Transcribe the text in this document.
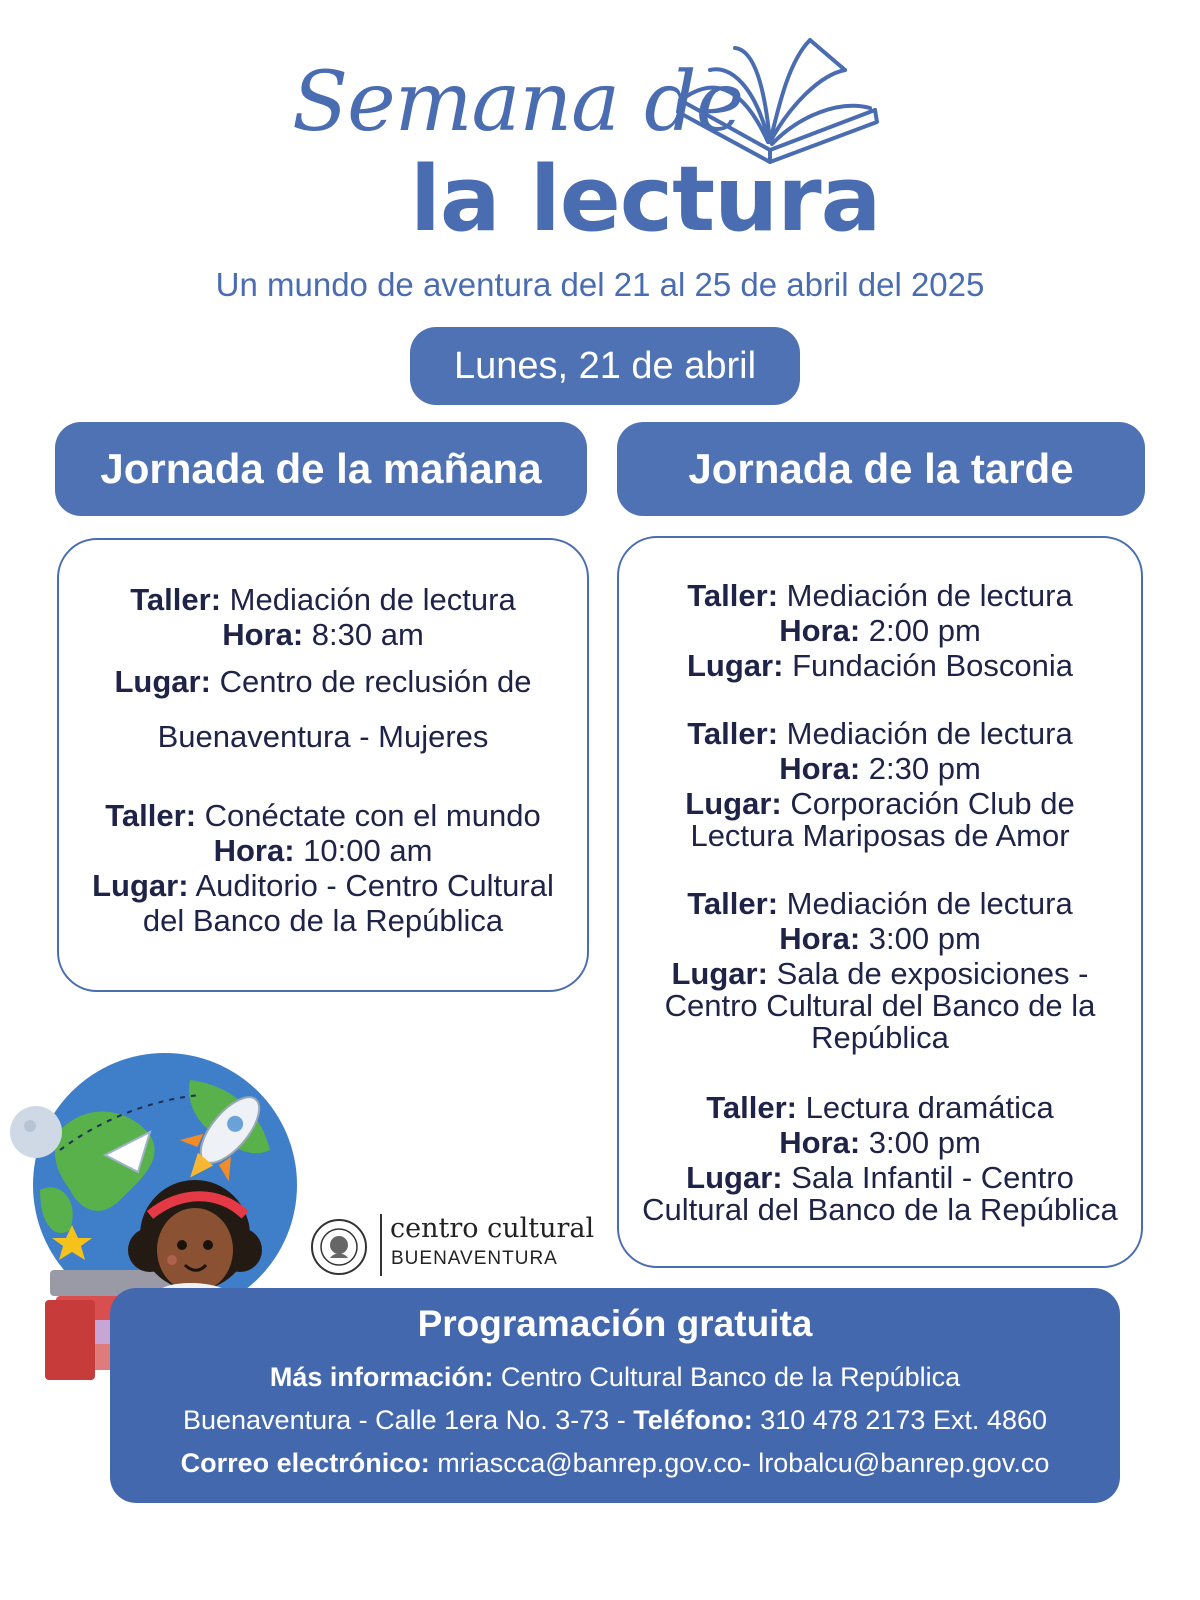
Semana de
la lectura
Un mundo de aventura del 21 al 25 de abril del 2025
Lunes, 21 de abril
Jornada de la mañana	Jornada de la tarde
Taller: Mediación de lectura
Hora: 8:30 am
Lugar: Centro de reclusión de
Buenaventura - Mujeres
Taller: Conéctate con el mundo
Hora: 10:00 am
Lugar: Auditorio - Centro Cultural
del Banco de la República
Taller: Mediación de lectura
Hora: 2:00 pm
Lugar: Fundación Bosconia
Taller: Mediación de lectura
Hora: 2:30 pm
Lugar: Corporación Club de
Lectura Mariposas de Amor
Taller: Mediación de lectura
Hora: 3:00 pm
Lugar: Sala de exposiciones -
Centro Cultural del Banco de la
República
Taller: Lectura dramática
Hora: 3:00 pm
Lugar: Sala Infantil - Centro
Cultural del Banco de la República
centro cultural
BUENAVENTURA
Programación gratuita
Más información: Centro Cultural Banco de la República
Buenaventura - Calle 1era No. 3-73 - Teléfono: 310 478 2173 Ext. 4860
Correo electrónico: mriascca@banrep.gov.co- lrobalcu@banrep.gov.co
